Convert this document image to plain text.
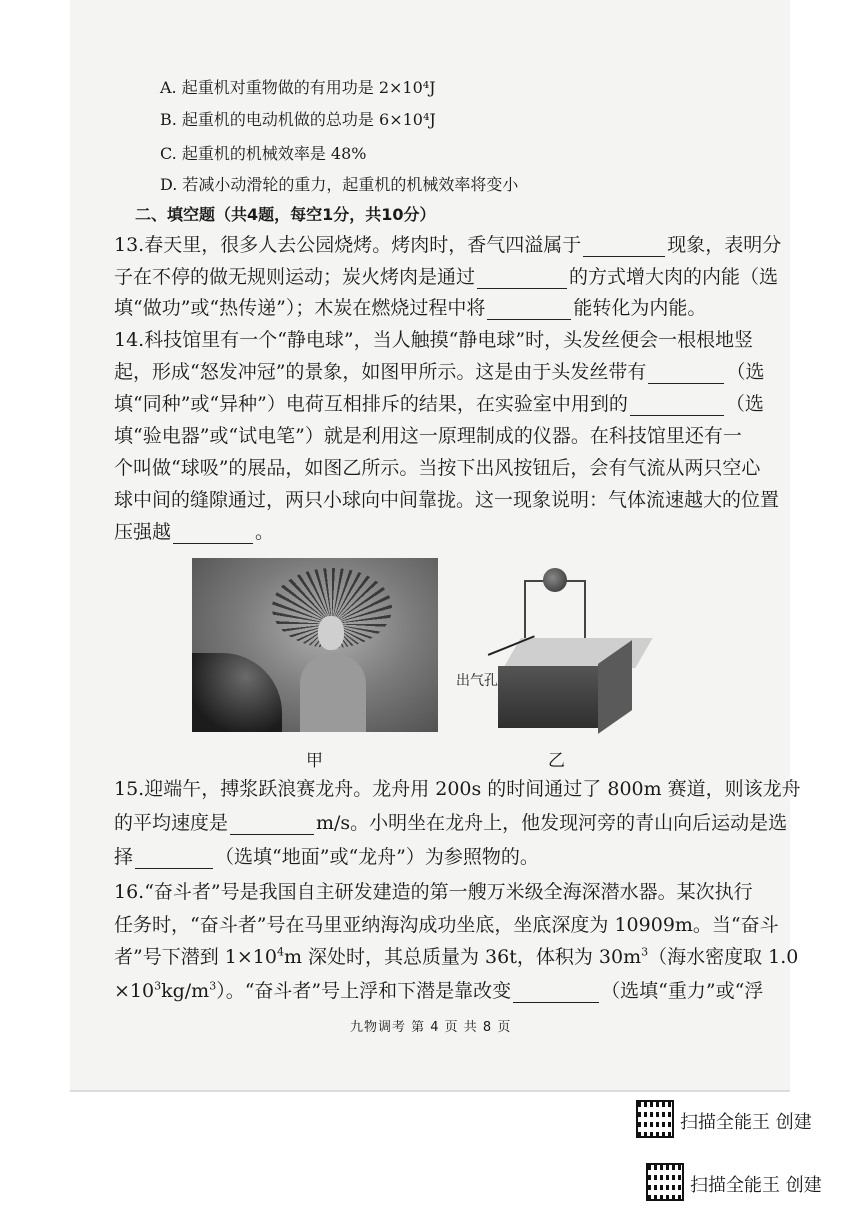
A. 起重机对重物做的有用功是 2×10⁴J
B. 起重机的电动机做的总功是 6×10⁴J
C. 起重机的机械效率是 48%
D. 若减小动滑轮的重力，起重机的机械效率将变小
二、填空题（共4题，每空1分，共10分）
13.春天里，很多人去公园烧烤。烤肉时，香气四溢属于	现象，表明分
子在不停的做无规则运动；炭火烤肉是通过	的方式增大肉的内能（选
填“做功”或“热传递”）；木炭在燃烧过程中将	能转化为内能。
14.科技馆里有一个“静电球”，当人触摸“静电球”时，头发丝便会一根根地竖
起，形成“怒发冲冠”的景象，如图甲所示。这是由于头发丝带有	（选
填“同种”或“异种”）电荷互相排斥的结果，在实验室中用到的	（选
填“验电器”或“试电笔”）就是利用这一原理制成的仪器。在科技馆里还有一
个叫做“球吸”的展品，如图乙所示。当按下出风按钮后，会有气流从两只空心
球中间的缝隙通过，两只小球向中间靠拢。这一现象说明：气体流速越大的位置
压强越	。
出气孔
甲	乙
15.迎端午，搏浆跃浪赛龙舟。龙舟用 200s 的时间通过了 800m 赛道，则该龙舟
的平均速度是	m/s。小明坐在龙舟上，他发现河旁的青山向后运动是选
择	（选填“地面”或“龙舟”）为参照物的。
16.“奋斗者”号是我国自主研发建造的第一艘万米级全海深潜水器。某次执行
任务时，“奋斗者”号在马里亚纳海沟成功坐底，坐底深度为 10909m。当“奋斗
者”号下潜到 $1\times 10^4m$ 深处时，其总质量为 36t，体积为 $30m^3$（海水密度取 1.0
$\times 10^3kg/m^3$）。“奋斗者”号上浮和下潜是靠改变	（选填“重力”或“浮
九物调考 第 4 页 共 8 页
扫描全能王 创建
扫描全能王 创建
